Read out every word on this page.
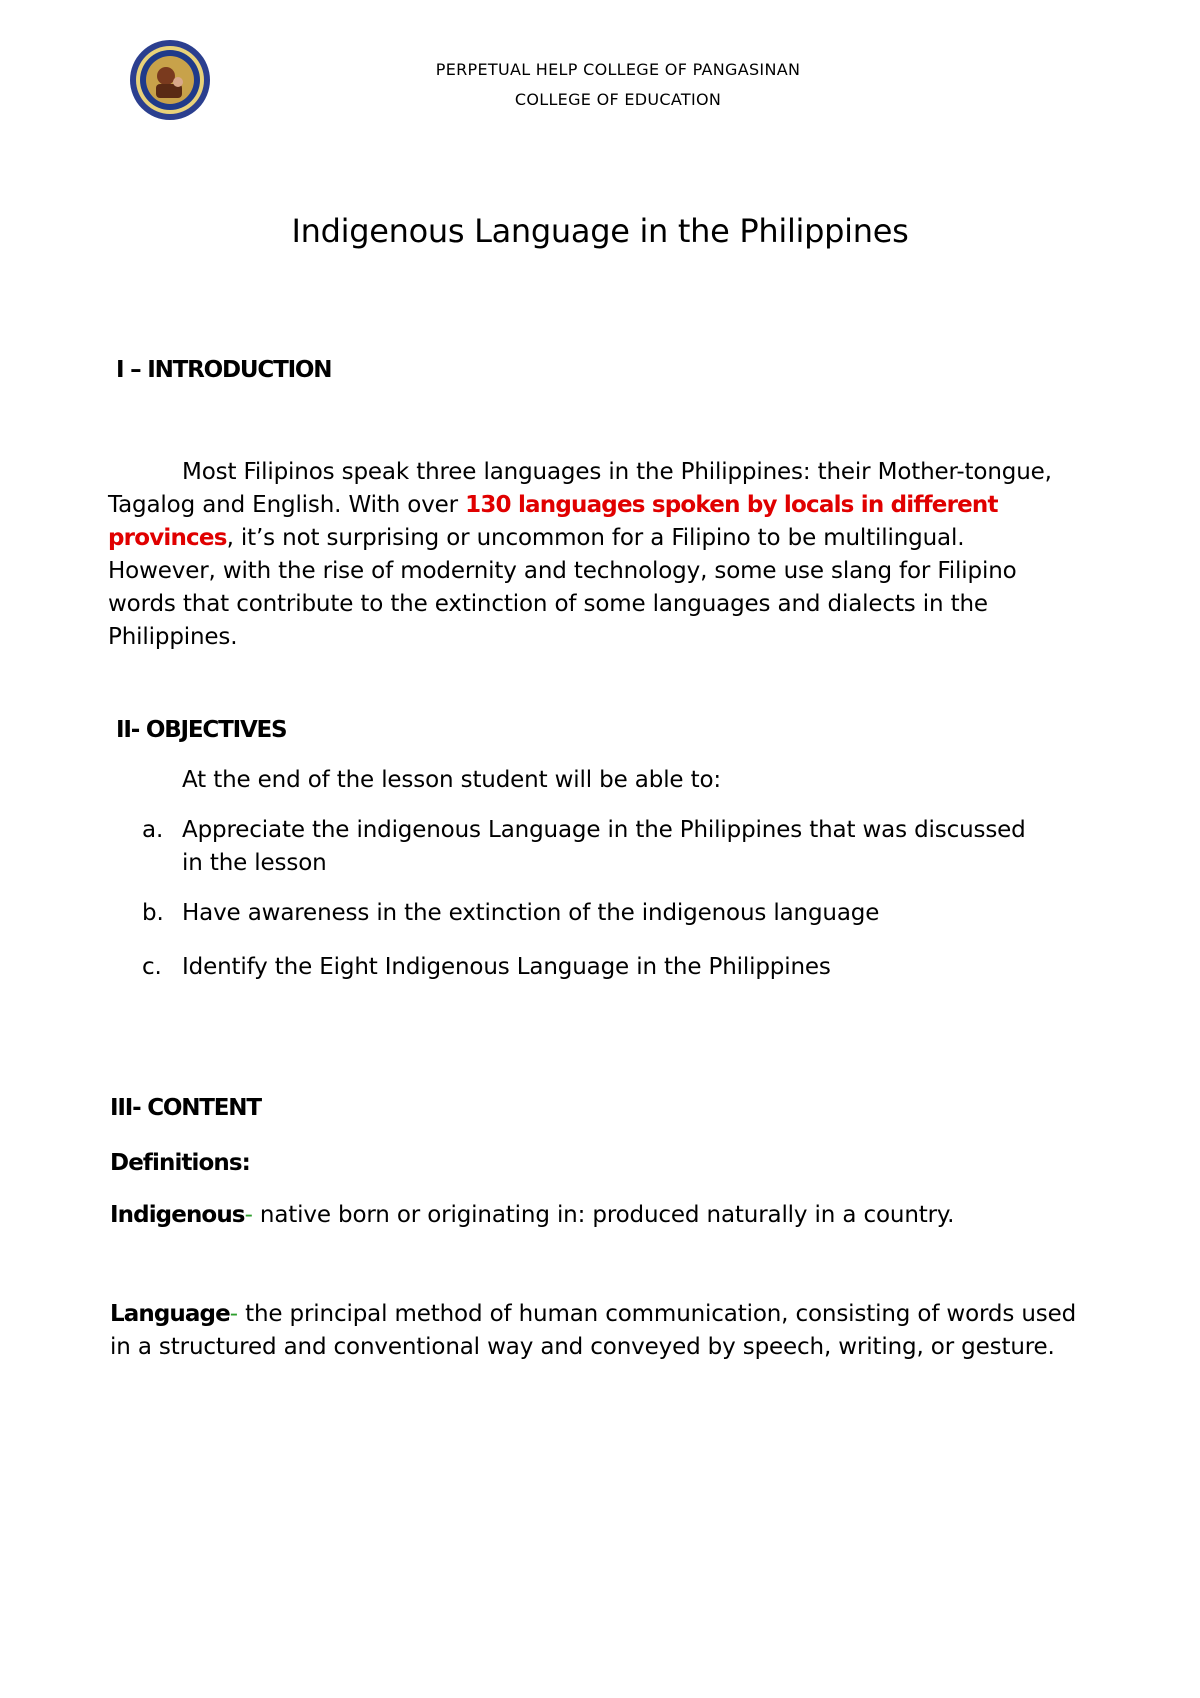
PERPETUAL HELP COLLEGE OF PANGASINAN
COLLEGE OF EDUCATION
Indigenous Language in the Philippines
I – INTRODUCTION
Most Filipinos speak three languages in the Philippines: their Mother-tongue, Tagalog and English. With over 130 languages spoken by locals in different provinces, it’s not surprising or uncommon for a Filipino to be multilingual. However, with the rise of modernity and technology, some use slang for Filipino words that contribute to the extinction of some languages and dialects in the Philippines.
II- OBJECTIVES
At the end of the lesson student will be able to:
a. Appreciate the indigenous Language in the Philippines that was discussed in the lesson
b. Have awareness in the extinction of the indigenous language
c. Identify the Eight Indigenous Language in the Philippines
III- CONTENT
Definitions:
Indigenous- native born or originating in: produced naturally in a country.
Language- the principal method of human communication, consisting of words used in a structured and conventional way and conveyed by speech, writing, or gesture.
